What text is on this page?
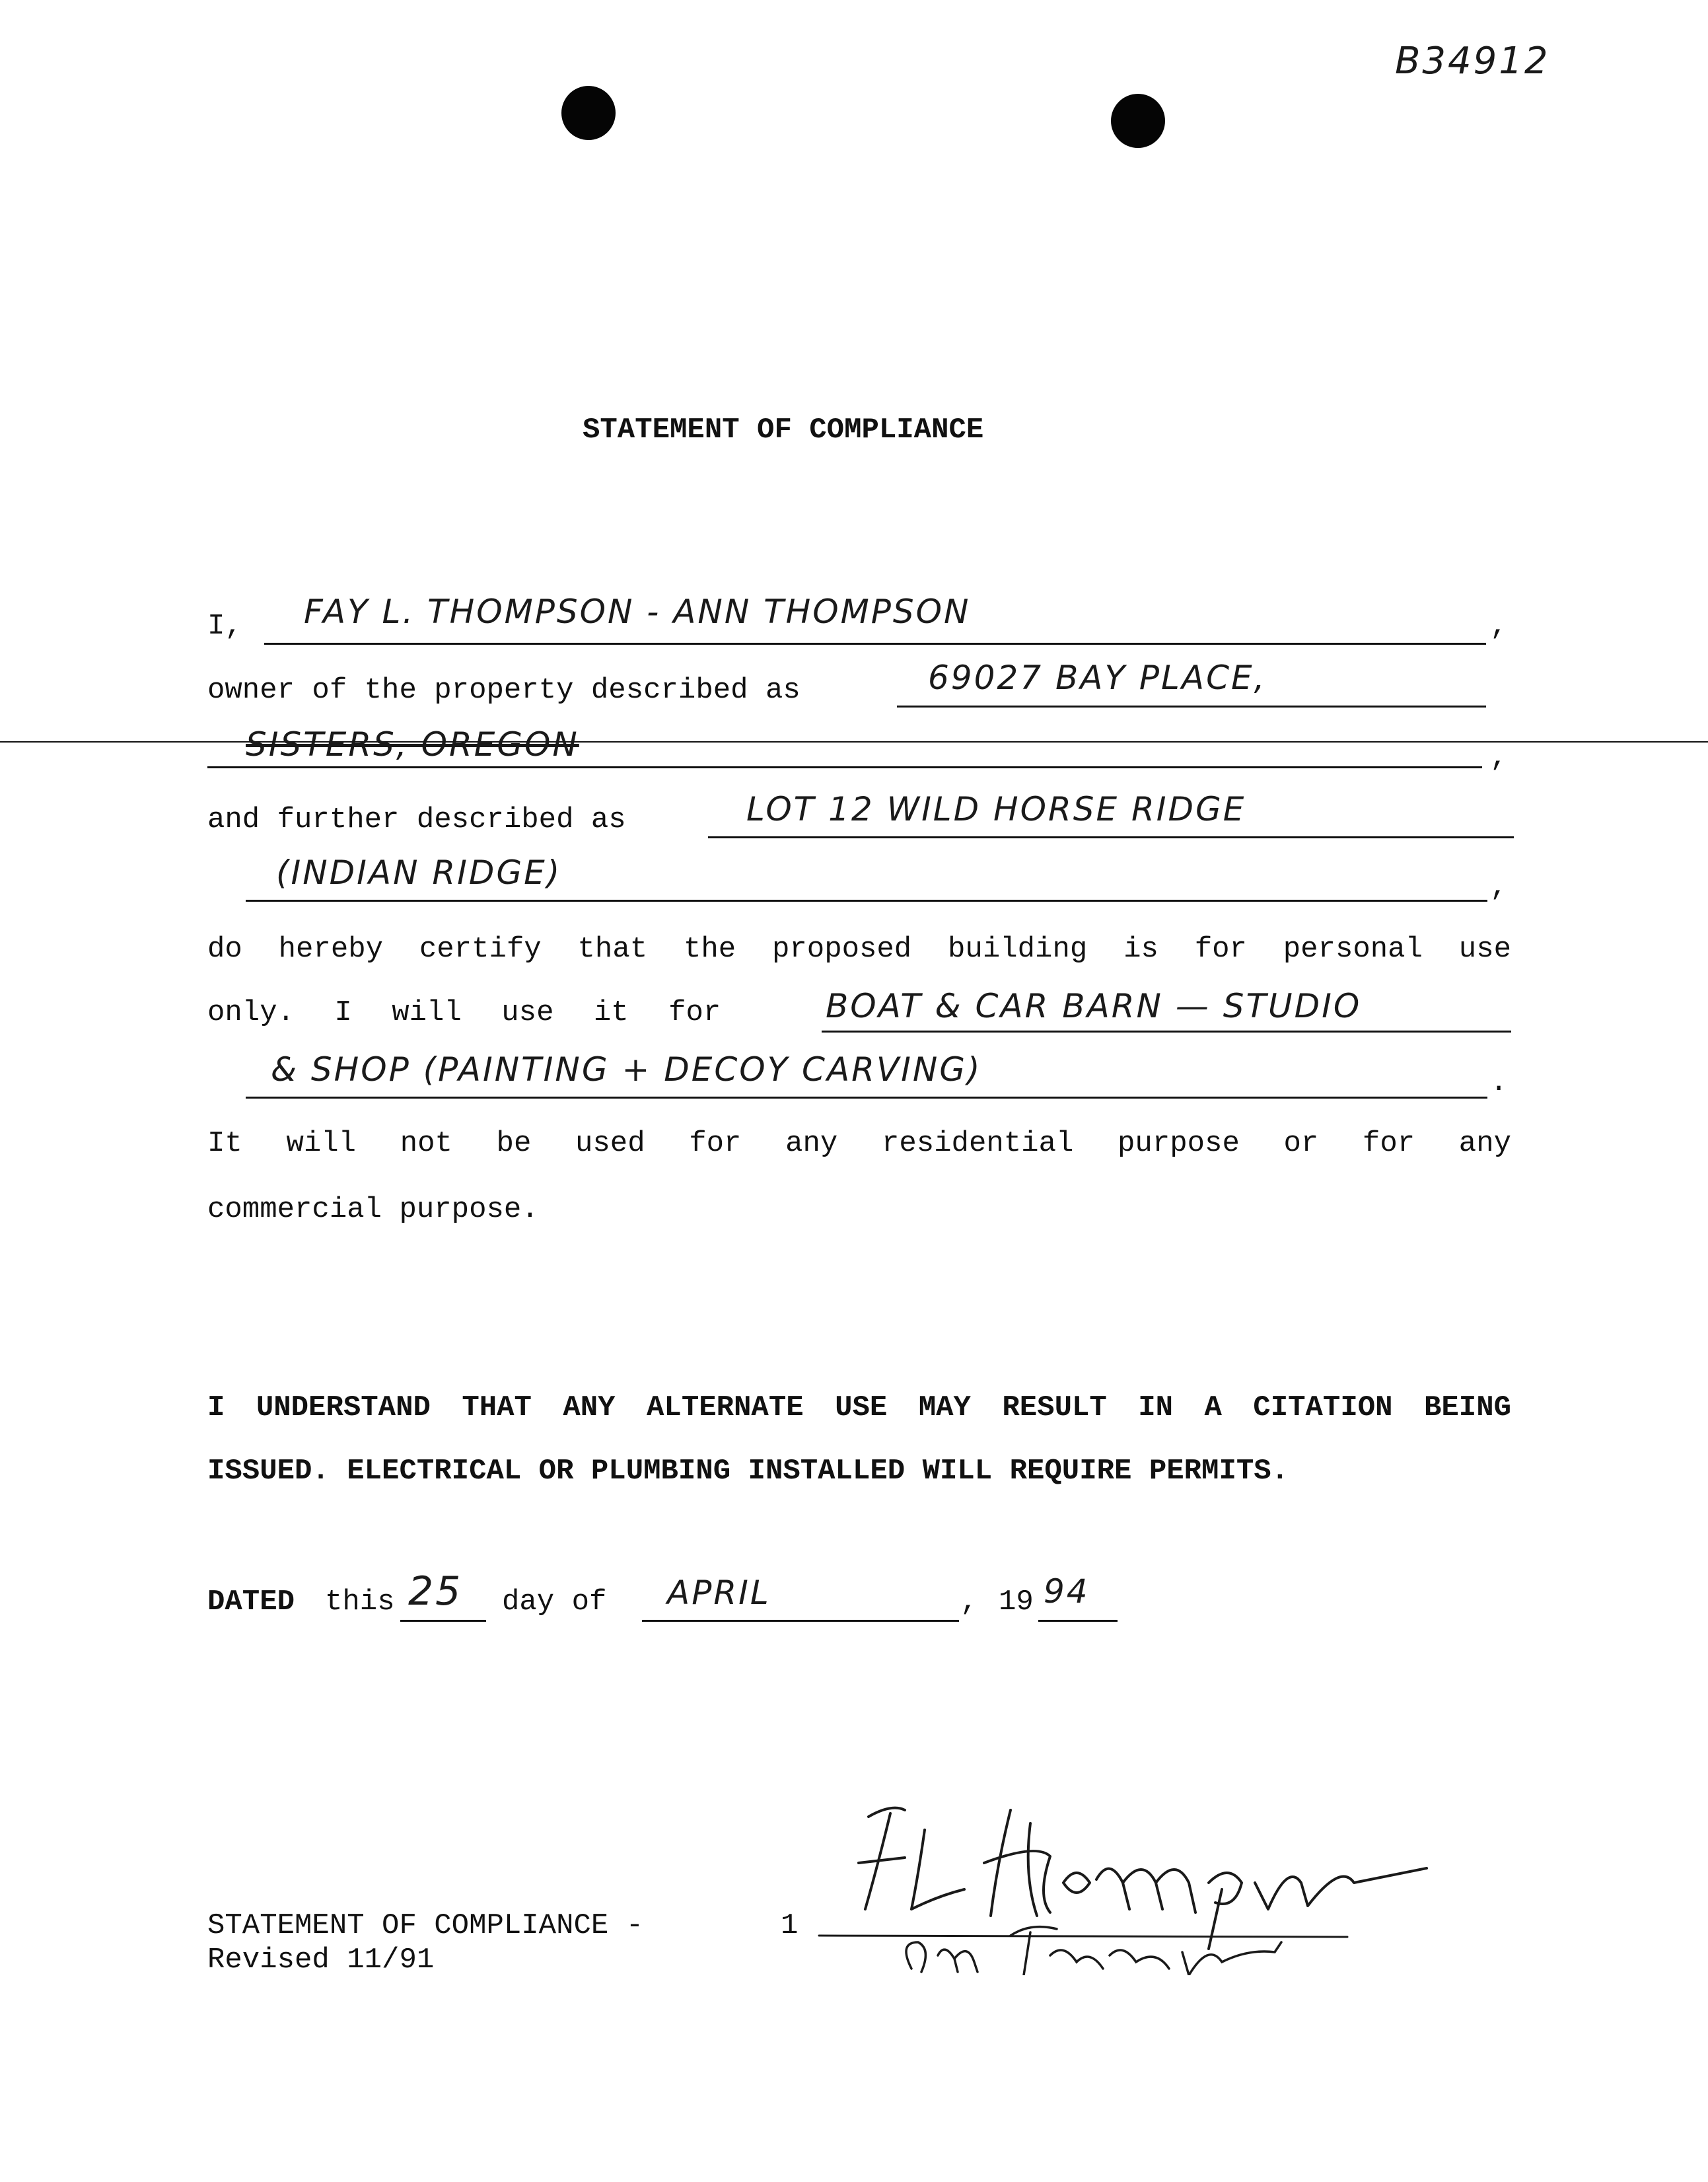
B34912
STATEMENT OF COMPLIANCE
I, FAY L. THOMPSON - ANN THOMPSON	,
owner of the property described as	69027 BAY PLACE,
SISTERS, OREGON	,
and further described as	LOT 12 WILD HORSE RIDGE
(INDIAN RIDGE)	,
do hereby certify that the proposed building is for personal use
only. I will use it for	BOAT & CAR BARN — STUDIO
& SHOP (PAINTING + DECOY CARVING)	.
It will not be used for any residential purpose or for any
commercial purpose.
I UNDERSTAND THAT ANY ALTERNATE USE MAY RESULT IN A CITATION BEING
ISSUED. ELECTRICAL OR PLUMBING INSTALLED WILL REQUIRE PERMITS.
DATED this 25 day of APRIL	, 19 94
STATEMENT OF COMPLIANCE -	1
Revised 11/91
